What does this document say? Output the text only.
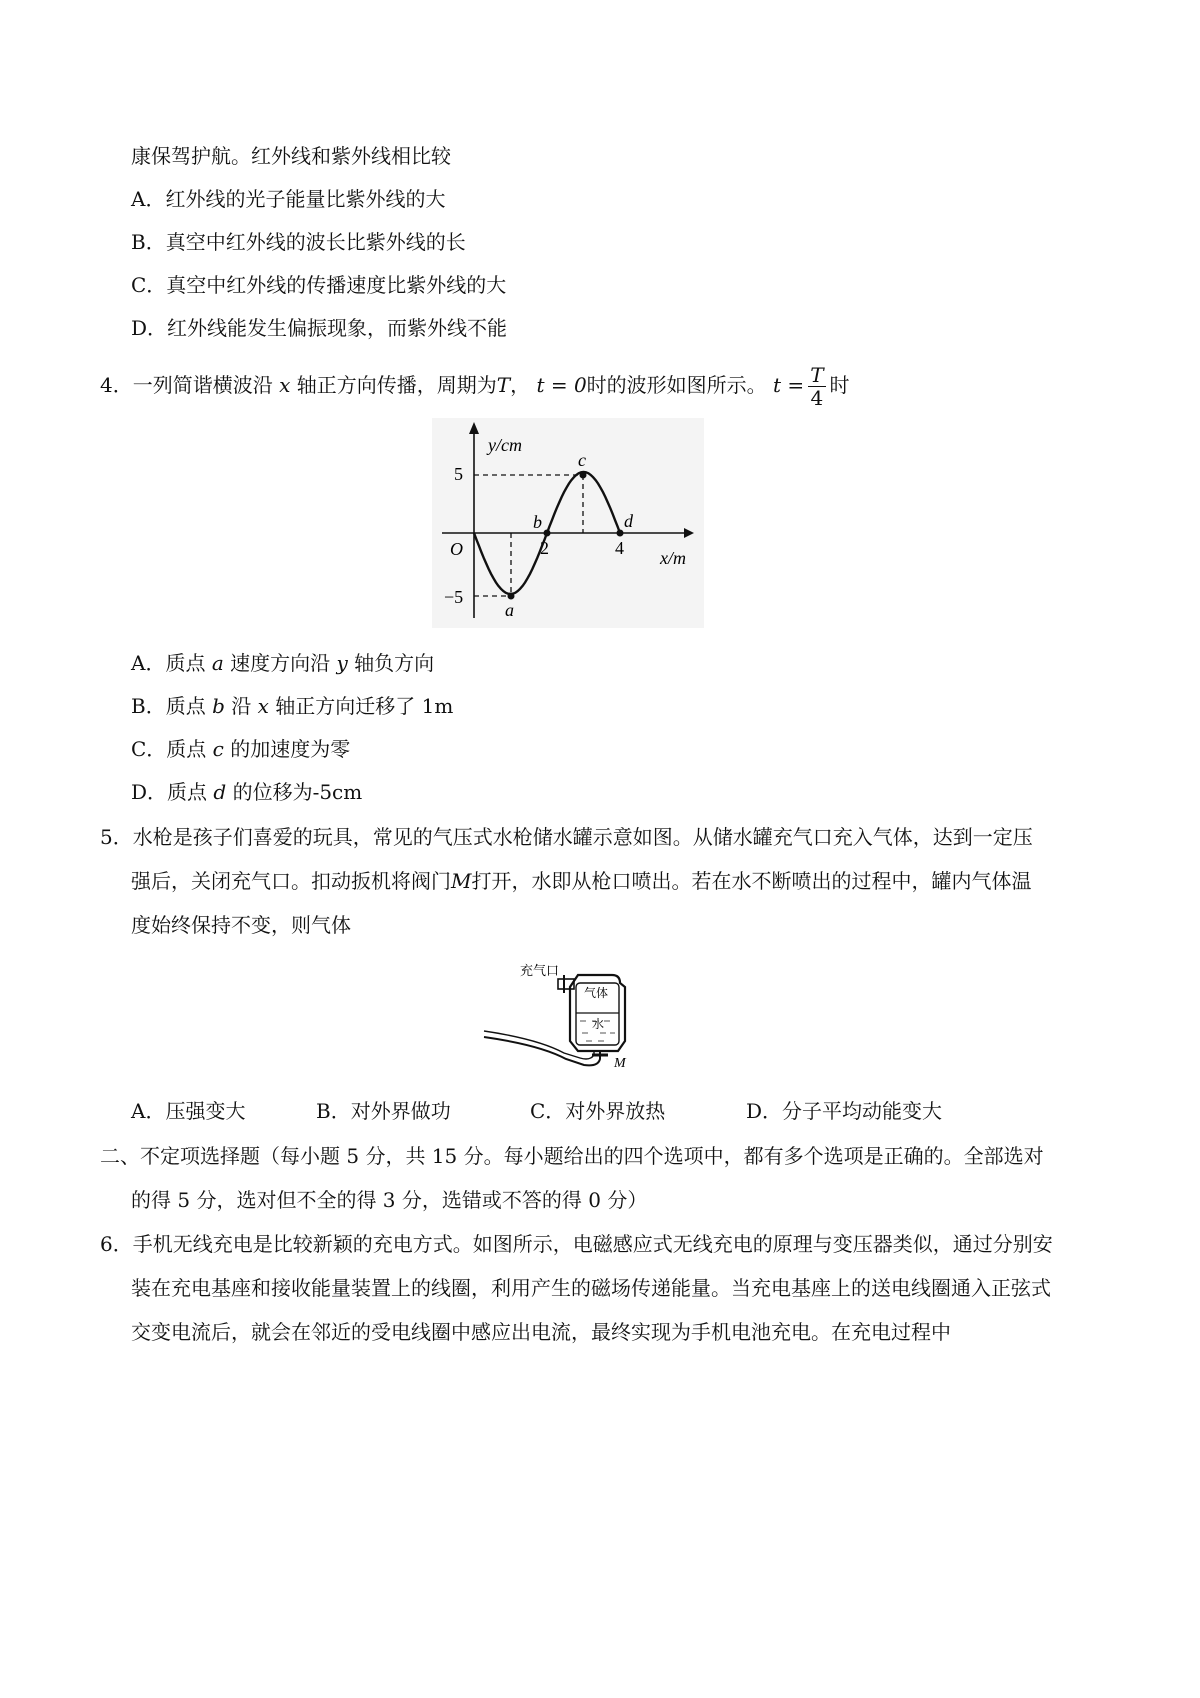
康保驾护航。红外线和紫外线相比较
A．红外线的光子能量比紫外线的大
B．真空中红外线的波长比紫外线的长
C．真空中红外线的传播速度比紫外线的大
D．红外线能发生偏振现象，而紫外线不能
4．一列简谐横波沿 x 轴正方向传播，周期为T， t = 0时的波形如图所示。 $t = \frac{T}{4}$ 时
y/cm
x/m
O
5
−5
2	4
a
b
c
d
A．质点 a 速度方向沿 y 轴负方向
B．质点 b 沿 x 轴正方向迁移了 1m
C．质点 c 的加速度为零
D．质点 d 的位移为-5cm
5．水枪是孩子们喜爱的玩具，常见的气压式水枪储水罐示意如图。从储水罐充气口充入气体，达到一定压
强后，关闭充气口。扣动扳机将阀门M打开，水即从枪口喷出。若在水不断喷出的过程中，罐内气体温
度始终保持不变，则气体
充气口
气体
水
M
A．压强变大	B．对外界做功	C．对外界放热	D．分子平均动能变大
二、不定项选择题（每小题 5 分，共 15 分。每小题给出的四个选项中，都有多个选项是正确的。全部选对
的得 5 分，选对但不全的得 3 分，选错或不答的得 0 分）
6．手机无线充电是比较新颖的充电方式。如图所示，电磁感应式无线充电的原理与变压器类似，通过分别安
装在充电基座和接收能量装置上的线圈，利用产生的磁场传递能量。当充电基座上的送电线圈通入正弦式
交变电流后，就会在邻近的受电线圈中感应出电流，最终实现为手机电池充电。在充电过程中
